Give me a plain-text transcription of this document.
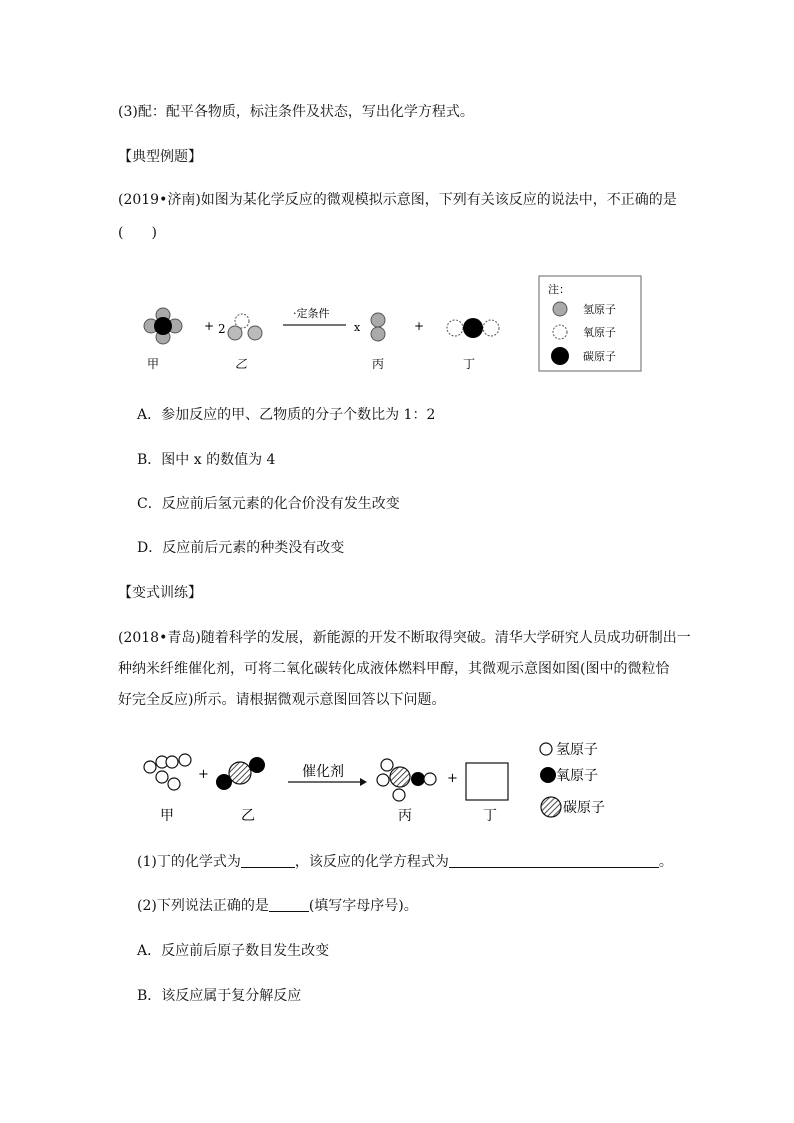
(3)配：配平各物质，标注条件及状态，写出化学方程式。
【典型例题】
(2019•济南)如图为某化学反应的微观模拟示意图，下列有关该反应的说法中，不正确的是
(　　)
+ 2
·定条件
x	+
甲	乙	丙	丁
注：
氢原子
氧原子
碳原子
A．参加反应的甲、乙物质的分子个数比为 1：2
B．图中 x 的数值为 4
C．反应前后氢元素的化合价没有发生改变
D．反应前后元素的种类没有改变
【变式训练】
(2018•青岛)随着科学的发展，新能源的开发不断取得突破。清华大学研究人员成功研制出一
种纳米纤维催化剂，可将二氧化碳转化成液体燃料甲醇，其微观示意图如图(图中的微粒恰
好完全反应)所示。请根据微观示意图回答以下问题。
+	催化剂	+
甲	乙	丙	丁
氢原子
氧原子
碳原子
(1)丁的化学式为	，该反应的化学方程式为	。
(2)下列说法正确的是	(填写字母序号)。
A．反应前后原子数目发生改变
B．该反应属于复分解反应
